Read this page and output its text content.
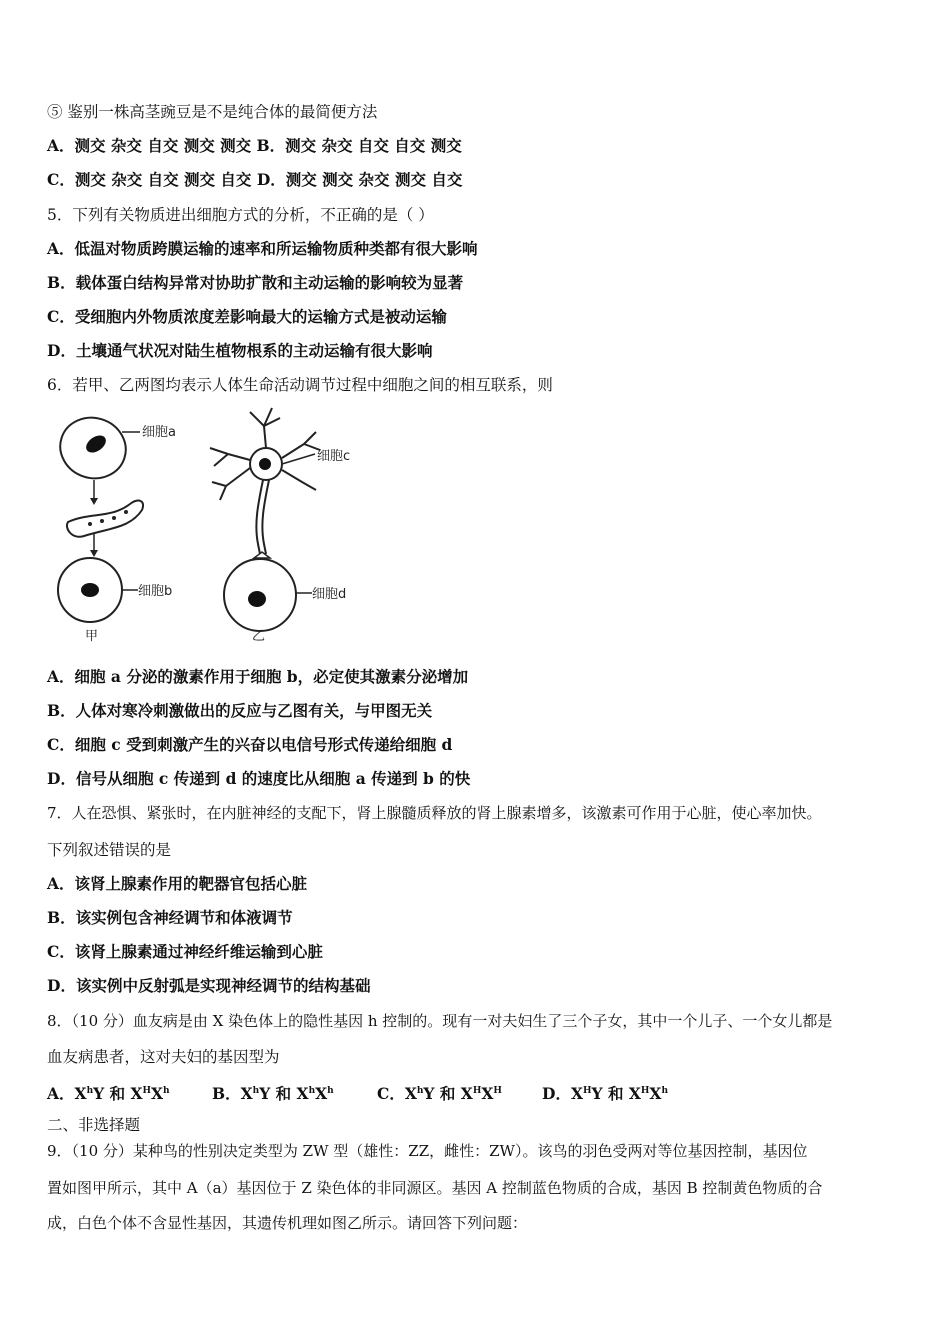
⑤ 鉴别一株高茎豌豆是不是纯合体的最简便方法
A．测交 杂交 自交 测交 测交 B．测交 杂交 自交 自交 测交
C．测交 杂交 自交 测交 自交 D．测交 测交 杂交 测交 自交
5．下列有关物质进出细胞方式的分析，不正确的是（ ）
A．低温对物质跨膜运输的速率和所运输物质种类都有很大影响
B．载体蛋白结构异常对协助扩散和主动运输的影响较为显著
C．受细胞内外物质浓度差影响最大的运输方式是被动运输
D．土壤通气状况对陆生植物根系的主动运输有很大影响
6．若甲、乙两图均表示人体生命活动调节过程中细胞之间的相互联系，则
细胞a
细胞b
甲
细胞c
细胞d
乙
A．细胞 a 分泌的激素作用于细胞 b，必定使其激素分泌增加
B．人体对寒冷刺激做出的反应与乙图有关，与甲图无关
C．细胞 c 受到刺激产生的兴奋以电信号形式传递给细胞 d
D．信号从细胞 c 传递到 d 的速度比从细胞 a 传递到 b 的快
7．人在恐惧、紧张时，在内脏神经的支配下，肾上腺髓质释放的肾上腺素增多，该激素可作用于心脏，使心率加快。
下列叙述错误的是
A．该肾上腺素作用的靶器官包括心脏
B．该实例包含神经调节和体液调节
C．该肾上腺素通过神经纤维运输到心脏
D．该实例中反射弧是实现神经调节的结构基础
8．（10 分）血友病是由 X 染色体上的隐性基因 h 控制的。现有一对夫妇生了三个子女，其中一个儿子、一个女儿都是
血友病患者，这对夫妇的基因型为
A．$X^hY$ 和 $X^HX^h$	B．$X^hY$ 和 $X^hX^h$	C．$X^hY$ 和 $X^HX^H$	D．$X^HY$ 和 $X^HX^h$
二、非选择题
9．（10 分）某种鸟的性别决定类型为 ZW 型（雄性：ZZ，雌性：ZW）。该鸟的羽色受两对等位基因控制，基因位
置如图甲所示，其中 A（a）基因位于 Z 染色体的非同源区。基因 A 控制蓝色物质的合成，基因 B 控制黄色物质的合
成，白色个体不含显性基因，其遗传机理如图乙所示。请回答下列问题：
